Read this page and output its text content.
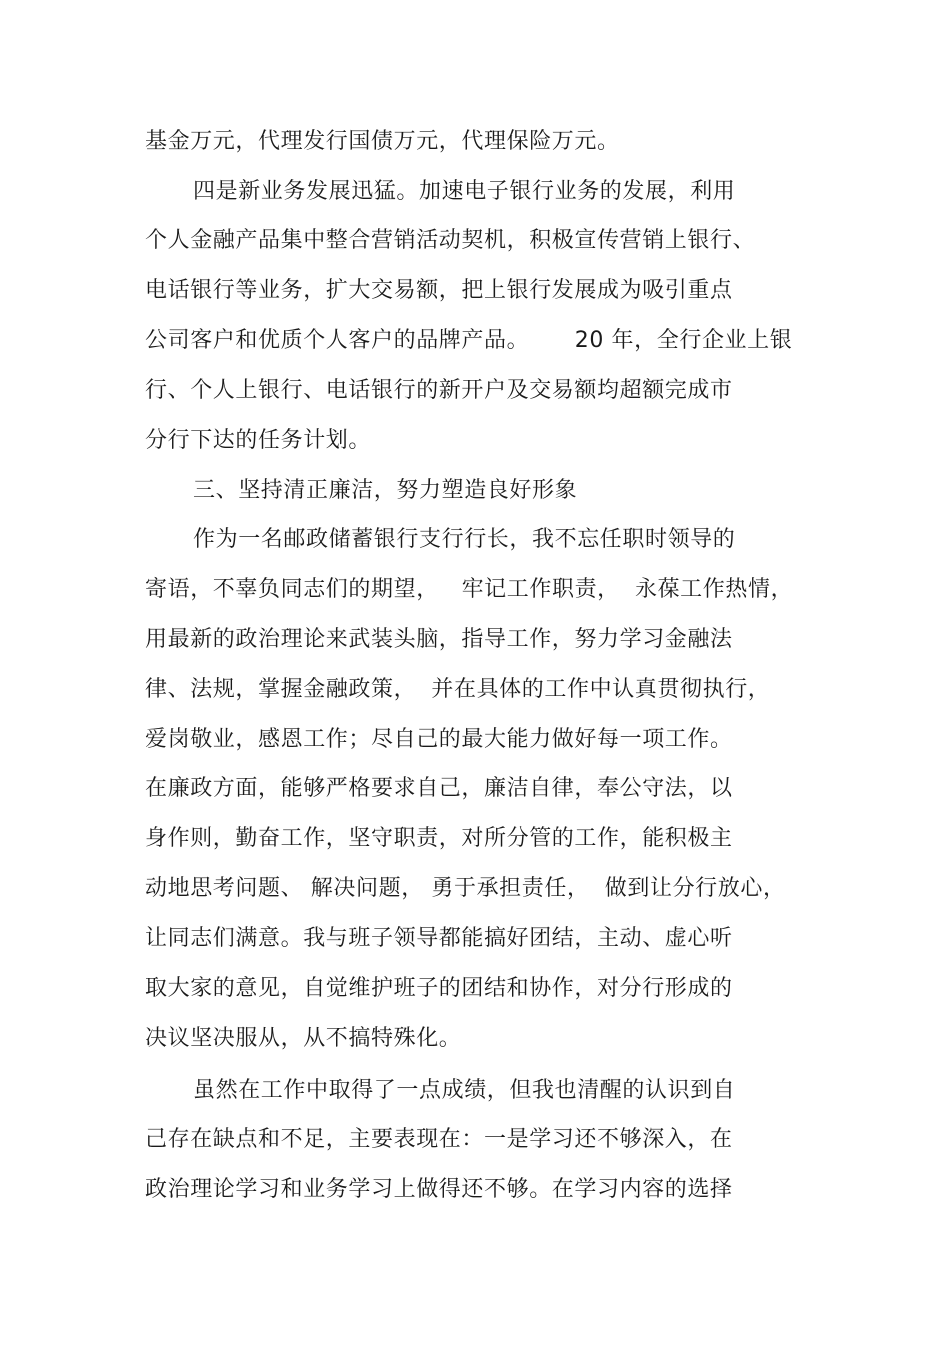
基金万元，代理发行国债万元，代理保险万元。
四是新业务发展迅猛。加速电子银行业务的发展，利用
个人金融产品集中整合营销活动契机，积极宣传营销上银行、
电话银行等业务，扩大交易额，把上银行发展成为吸引重点
公司客户和优质个人客户的品牌产品。      20 年，全行企业上银
行、个人上银行、电话银行的新开户及交易额均超额完成市
分行下达的任务计划。
三、坚持清正廉洁，努力塑造良好形象
作为一名邮政储蓄银行支行行长，我不忘任职时领导的
寄语，不辜负同志们的期望，   牢记工作职责，  永葆工作热情，
用最新的政治理论来武装头脑，指导工作，努力学习金融法
律、法规，掌握金融政策，  并在具体的工作中认真贯彻执行，
爱岗敬业，感恩工作；尽自己的最大能力做好每一项工作。
在廉政方面，能够严格要求自己，廉洁自律，奉公守法，以
身作则，勤奋工作，坚守职责，对所分管的工作，能积极主
动地思考问题、 解决问题， 勇于承担责任，  做到让分行放心，
让同志们满意。我与班子领导都能搞好团结，主动、虚心听
取大家的意见，自觉维护班子的团结和协作，对分行形成的
决议坚决服从，从不搞特殊化。
虽然在工作中取得了一点成绩，但我也清醒的认识到自
己存在缺点和不足，主要表现在：一是学习还不够深入，在
政治理论学习和业务学习上做得还不够。在学习内容的选择
